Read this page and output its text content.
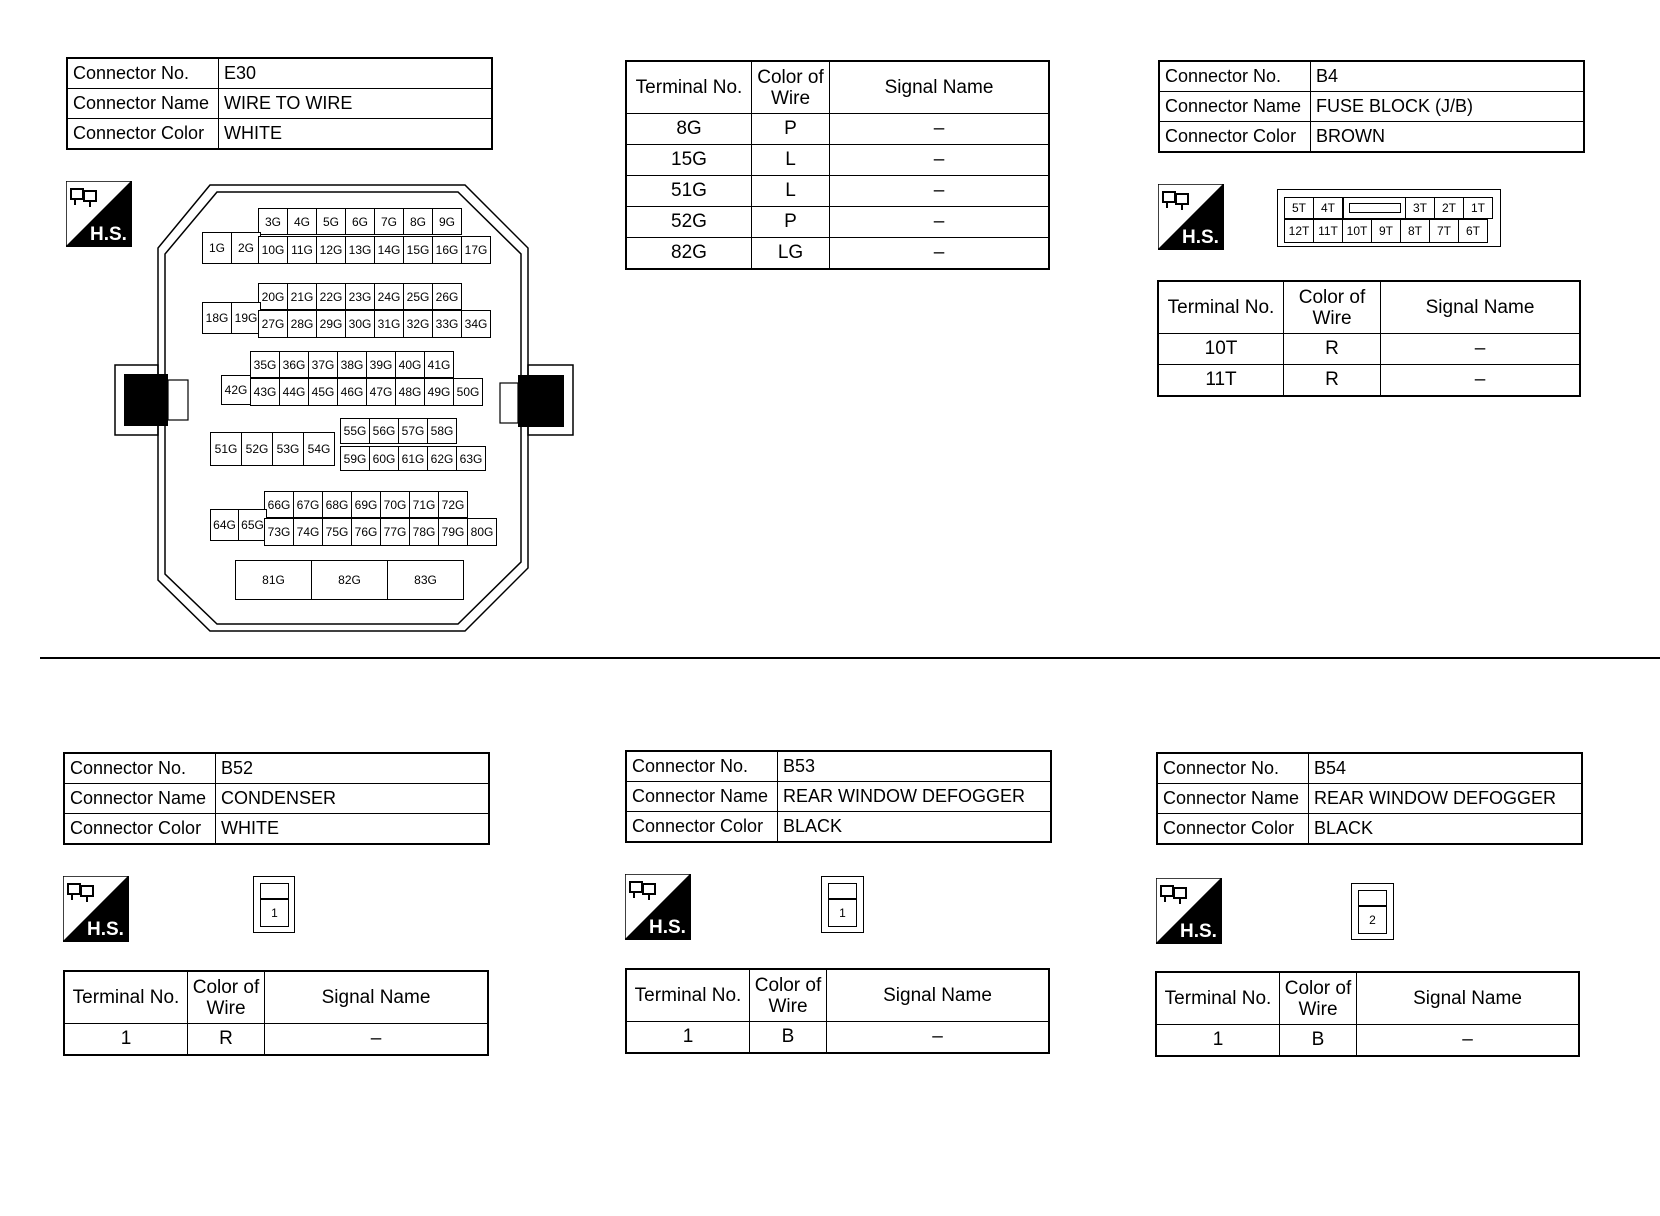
Connector No.	E30
Connector Name	WIRE TO WIRE
Connector Color	WHITE
H.S.
3G	4G	5G	6G	7G	8G	9G
1G	2G 10G 11G 12G 13G 14G 15G 16G 17G
20G 21G 22G 23G 24G 25G 26G
18G 19G 27G 28G 29G 30G 31G 32G 33G 34G
35G 36G 37G 38G 39G 40G 41G
42G 43G 44G 45G 46G 47G 48G 49G 50G
51G 52G 53G 54G
55G 56G 57G 58G
59G 60G 61G 62G 63G
66G 67G 68G 69G 70G 71G 72G
64G 65G 73G 74G 75G 76G 77G 78G 79G 80G
81G	82G	83G
Terminal No.	Color of Wire	Signal Name
8G	P	–
15G	L	–
51G	L	–
52G	P	–
82G	LG	–
Connector No.	B4
Connector Name	FUSE BLOCK (J/B)
Connector Color	BROWN
H.S.
5T	4T	3T	2T	1T
12T 11T 10T 9T	8T	7T	6T
Terminal No.	Color of Wire	Signal Name
10T	R	–
11T	R	–
Connector No.	B52
Connector Name	CONDENSER
Connector Color	WHITE
H.S.
1
Terminal No.	Color of Wire	Signal Name
1	R	–
Connector No.	B53
Connector Name	REAR WINDOW DEFOGGER
Connector Color	BLACK
H.S.
1
Terminal No.	Color of Wire	Signal Name
1	B	–
Connector No.	B54
Connector Name	REAR WINDOW DEFOGGER
Connector Color	BLACK
H.S.
2
Terminal No.	Color of Wire	Signal Name
1	B	–
